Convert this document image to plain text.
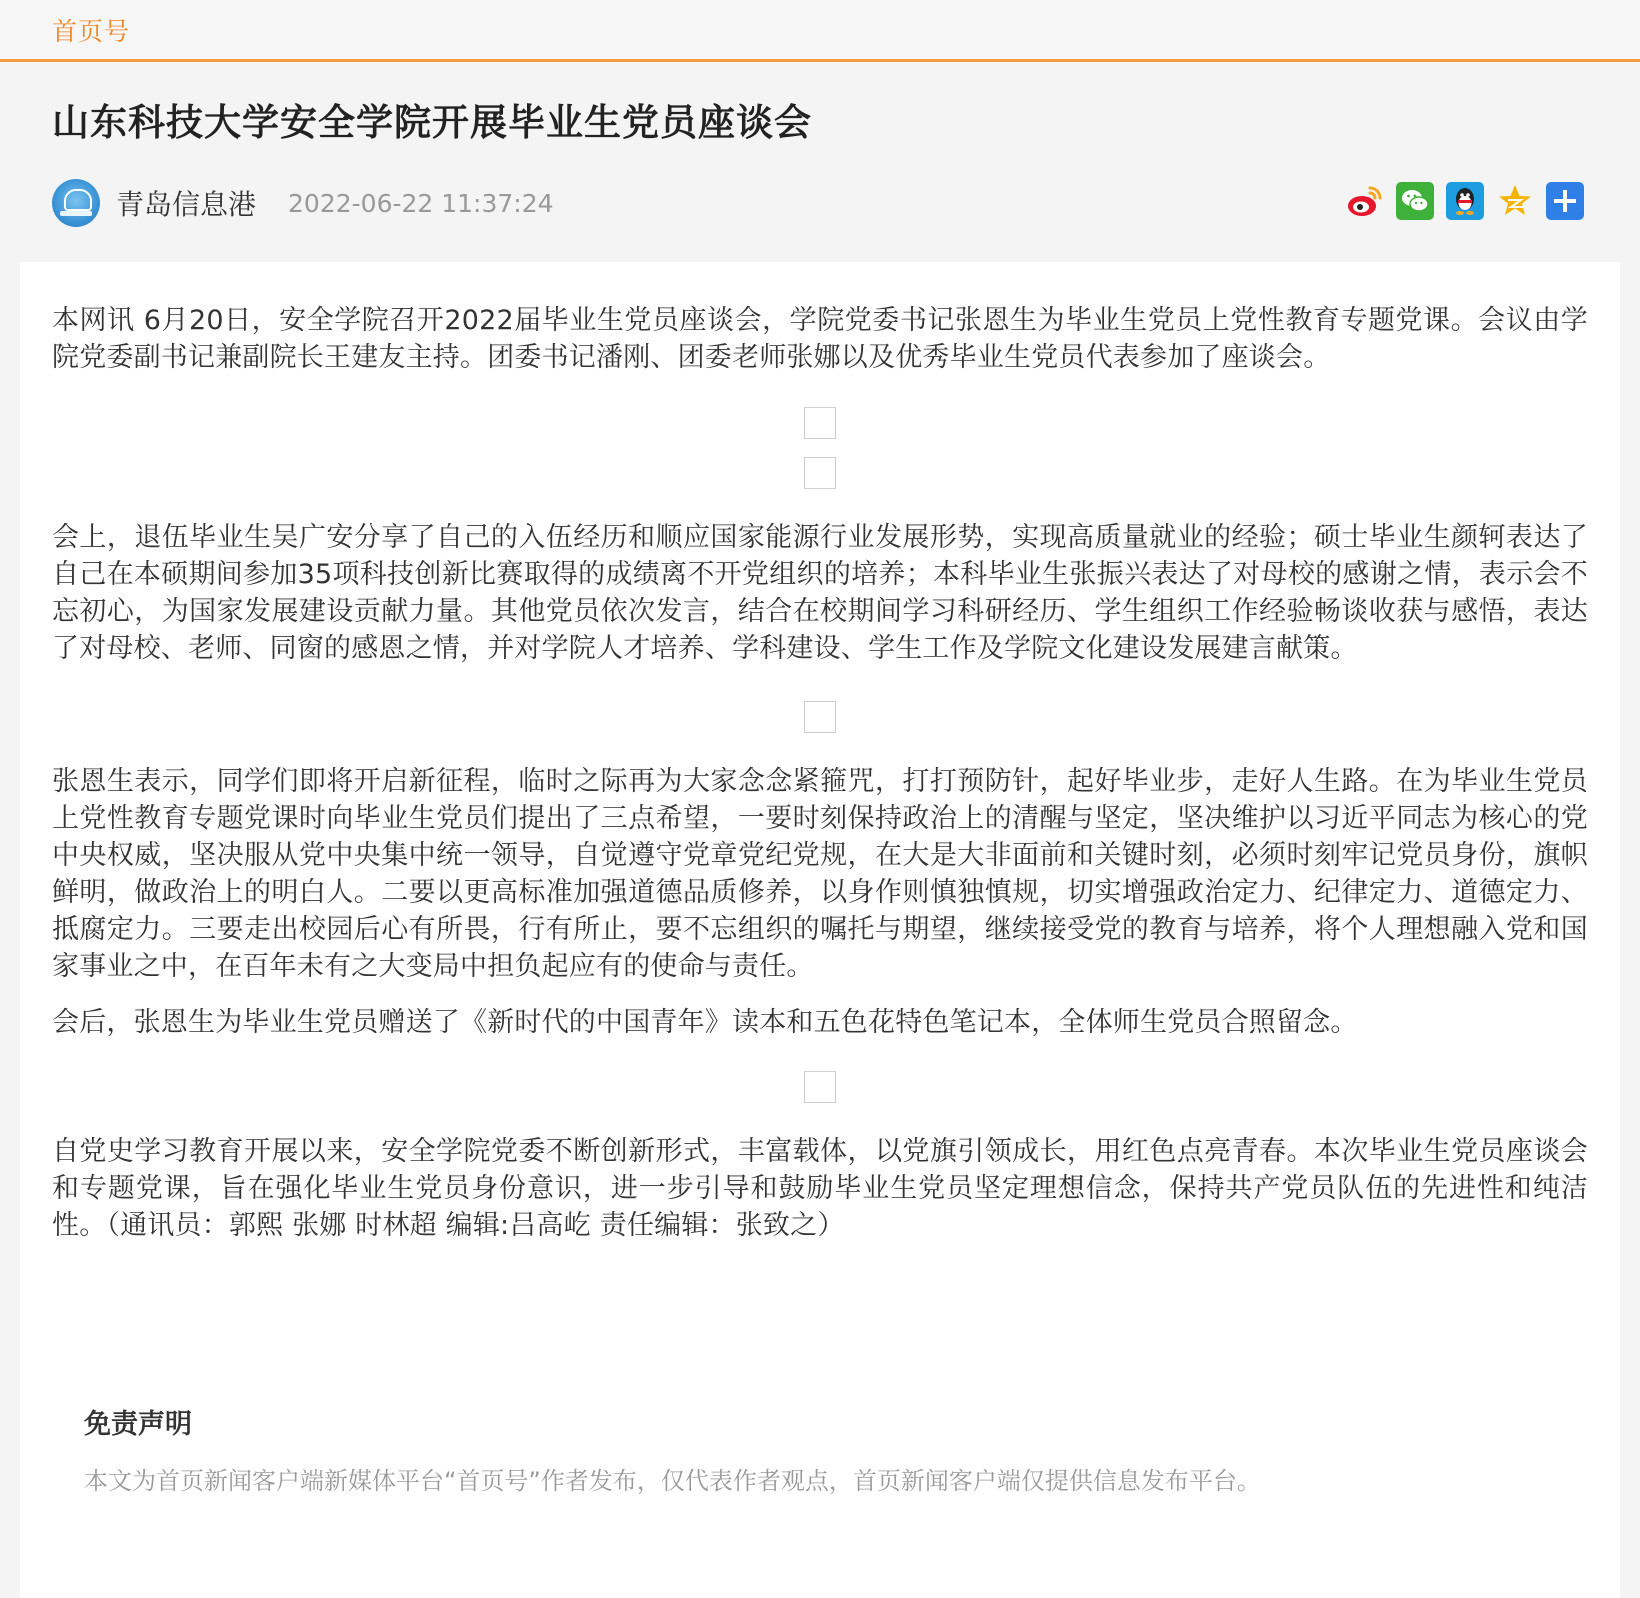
首页号
山东科技大学安全学院开展毕业生党员座谈会
青岛信息港 2022-06-22 11:37:24

本网讯 6月20日，安全学院召开2022届毕业生党员座谈会，学院党委书记张恩生为毕业生党员上党性教育专题党课。会议由学院党委副书记兼副院长王建友主持。团委书记潘刚、团委老师张娜以及优秀毕业生党员代表参加了座谈会。

会上，退伍毕业生吴广安分享了自己的入伍经历和顺应国家能源行业发展形势，实现高质量就业的经验；硕士毕业生颜轲表达了自己在本硕期间参加35项科技创新比赛取得的成绩离不开党组织的培养；本科毕业生张振兴表达了对母校的感谢之情，表示会不忘初心，为国家发展建设贡献力量。其他党员依次发言，结合在校期间学习科研经历、学生组织工作经验畅谈收获与感悟，表达了对母校、老师、同窗的感恩之情，并对学院人才培养、学科建设、学生工作及学院文化建设发展建言献策。

张恩生表示，同学们即将开启新征程，临时之际再为大家念念紧箍咒，打打预防针，起好毕业步，走好人生路。在为毕业生党员上党性教育专题党课时向毕业生党员们提出了三点希望，一要时刻保持政治上的清醒与坚定，坚决维护以习近平同志为核心的党中央权威，坚决服从党中央集中统一领导，自觉遵守党章党纪党规，在大是大非面前和关键时刻，必须时刻牢记党员身份，旗帜鲜明，做政治上的明白人。二要以更高标准加强道德品质修养，以身作则慎独慎规，切实增强政治定力、纪律定力、道德定力、抵腐定力。三要走出校园后心有所畏，行有所止，要不忘组织的嘱托与期望，继续接受党的教育与培养，将个人理想融入党和国家事业之中，在百年未有之大变局中担负起应有的使命与责任。

会后，张恩生为毕业生党员赠送了《新时代的中国青年》读本和五色花特色笔记本，全体师生党员合照留念。

自党史学习教育开展以来，安全学院党委不断创新形式，丰富载体，以党旗引领成长，用红色点亮青春。本次毕业生党员座谈会和专题党课，旨在强化毕业生党员身份意识，进一步引导和鼓励毕业生党员坚定理想信念，保持共产党员队伍的先进性和纯洁性。（通讯员：郭熙 张娜 时林超 编辑:吕高屹 责任编辑：张致之）

免责声明
本文为首页新闻客户端新媒体平台“首页号”作者发布，仅代表作者观点，首页新闻客户端仅提供信息发布平台。
